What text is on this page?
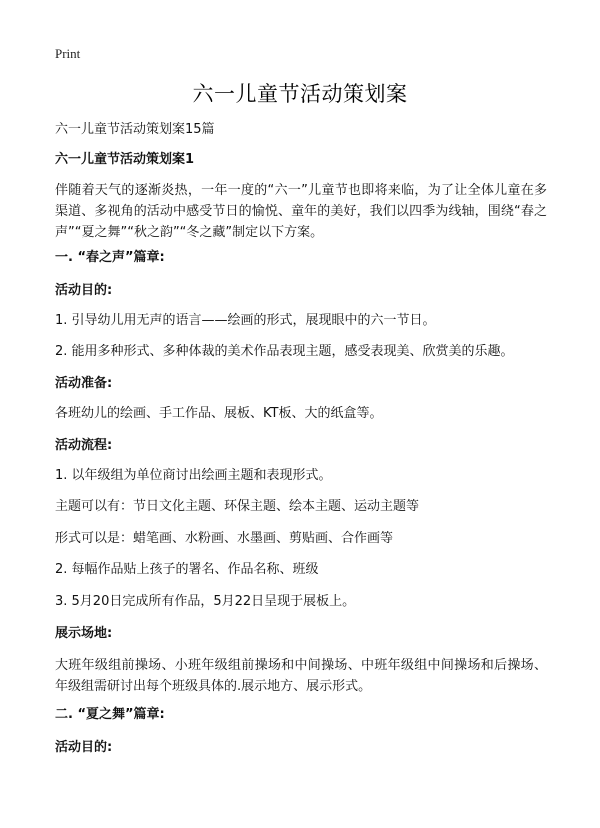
Print
六一儿童节活动策划案
六一儿童节活动策划案15篇
六一儿童节活动策划案1
伴随着天气的逐渐炎热，一年一度的“六一”儿童节也即将来临，为了让全体儿童在多渠道、多视角的活动中感受节日的愉悦、童年的美好，我们以四季为线轴，围绕“春之声”“夏之舞”“秋之韵”“冬之藏”制定以下方案。
一. “春之声”篇章:
活动目的:
1. 引导幼儿用无声的语言——绘画的形式，展现眼中的六一节日。
2. 能用多种形式、多种体裁的美术作品表现主题，感受表现美、欣赏美的乐趣。
活动准备:
各班幼儿的绘画、手工作品、展板、KT板、大的纸盒等。
活动流程:
1. 以年级组为单位商讨出绘画主题和表现形式。
主题可以有：节日文化主题、环保主题、绘本主题、运动主题等
形式可以是：蜡笔画、水粉画、水墨画、剪贴画、合作画等
2. 每幅作品贴上孩子的署名、作品名称、班级
3. 5月20日完成所有作品，5月22日呈现于展板上。
展示场地:
大班年级组前操场、小班年级组前操场和中间操场、中班年级组中间操场和后操场、年级组需研讨出每个班级具体的.展示地方、展示形式。
二. “夏之舞”篇章:
活动目的:
